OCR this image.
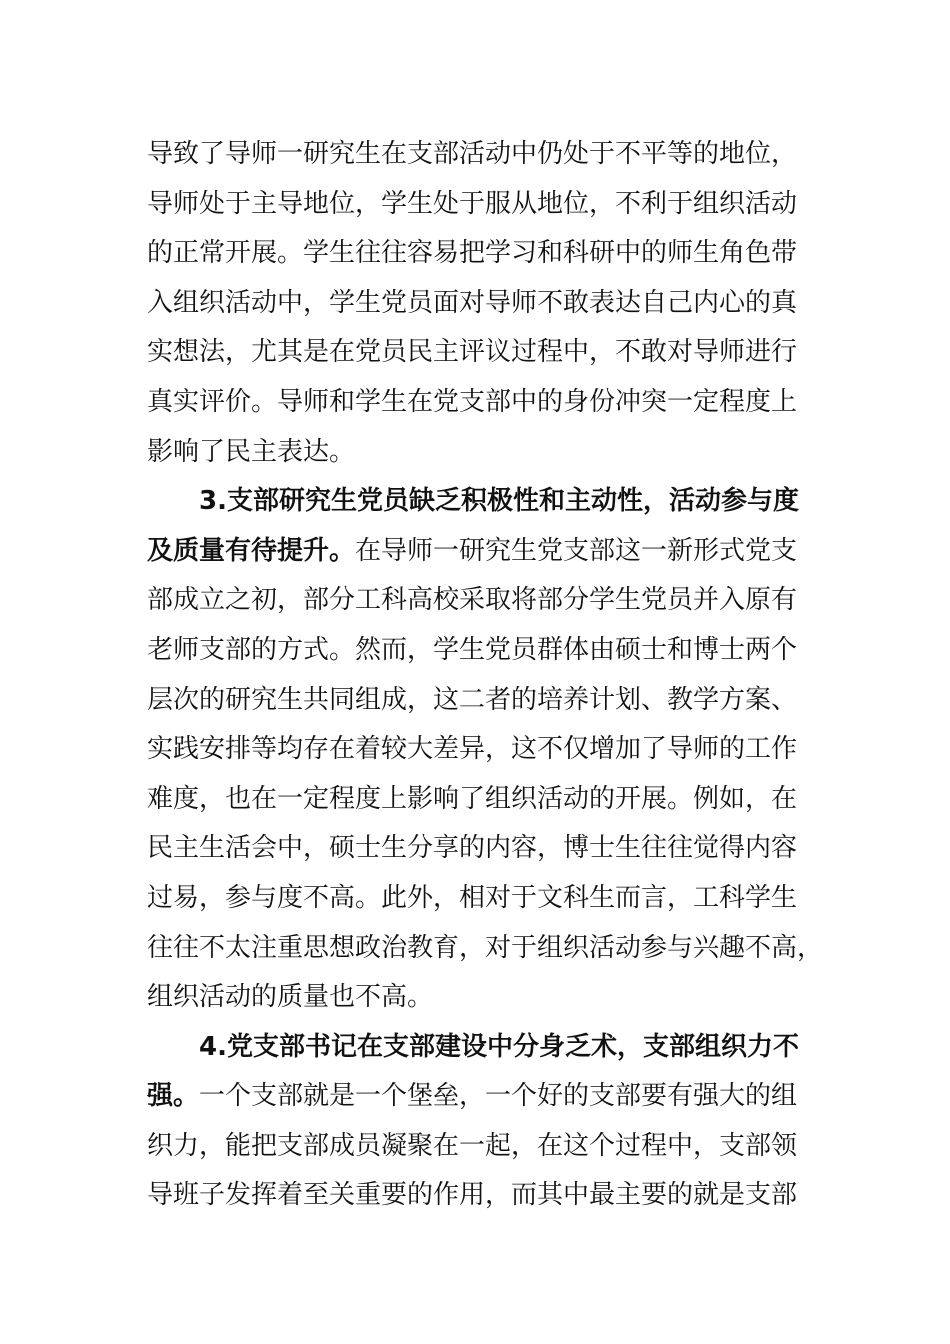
导致了导师一研究生在支部活动中仍处于不平等的地位，
导师处于主导地位，学生处于服从地位，不利于组织活动
的正常开展。学生往往容易把学习和科研中的师生角色带
入组织活动中，学生党员面对导师不敢表达自己内心的真
实想法，尤其是在党员民主评议过程中，不敢对导师进行
真实评价。导师和学生在党支部中的身份冲突一定程度上
影响了民主表达。
3.支部研究生党员缺乏积极性和主动性，活动参与度
及质量有待提升。在导师一研究生党支部这一新形式党支
部成立之初，部分工科高校采取将部分学生党员并入原有
老师支部的方式。然而，学生党员群体由硕士和博士两个
层次的研究生共同组成，这二者的培养计划、教学方案、
实践安排等均存在着较大差异，这不仅增加了导师的工作
难度，也在一定程度上影响了组织活动的开展。例如，在
民主生活会中，硕士生分享的内容，博士生往往觉得内容
过易，参与度不高。此外，相对于文科生而言，工科学生
往往不太注重思想政治教育，对于组织活动参与兴趣不高，
组织活动的质量也不高。
4.党支部书记在支部建设中分身乏术，支部组织力不
强。一个支部就是一个堡垒，一个好的支部要有强大的组
织力，能把支部成员凝聚在一起，在这个过程中，支部领
导班子发挥着至关重要的作用，而其中最主要的就是支部
